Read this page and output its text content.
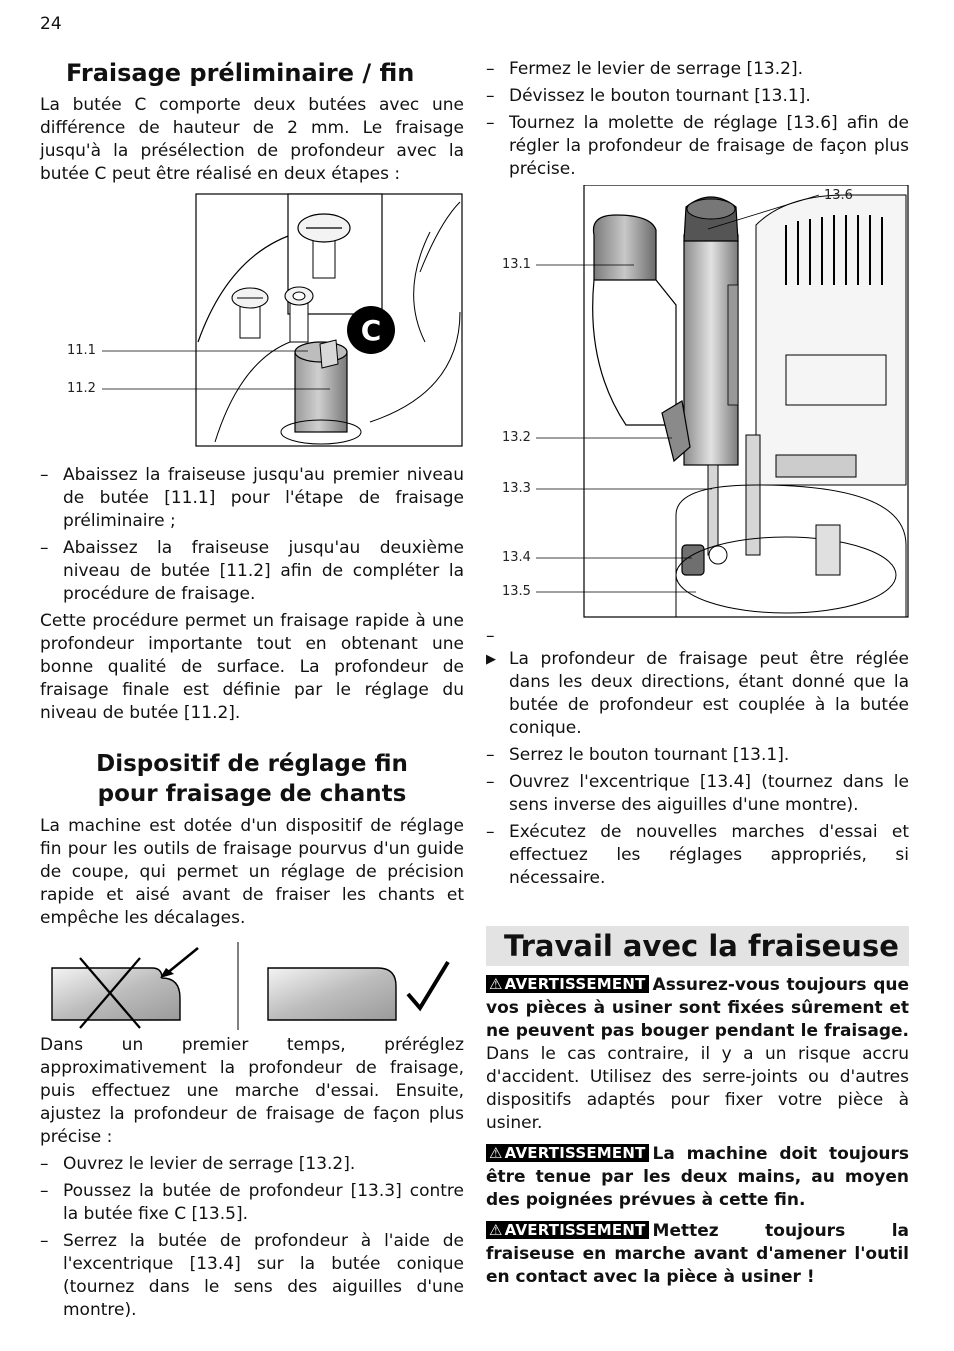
24
Fraisage préliminaire / fin

La butée C comporte deux butées avec une différence de hauteur de 2 mm. Le fraisage jusqu'à la présélection de profondeur avec la butée C peut être réalisé en deux étapes :

C
11.1
11.2
– Abaissez la fraiseuse jusqu'au premier niveau de butée [11.1] pour l'étape de fraisage préliminaire ;
– Abaissez la fraiseuse jusqu'au deuxième niveau de butée [11.2] afin de compléter la procédure de fraisage.

Cette procédure permet un fraisage rapide à une profondeur importante tout en obtenant une bonne qualité de surface. La profondeur de fraisage finale est définie par le réglage du niveau de butée [11.2].

Dispositif de réglage fin
pour fraisage de chants

La machine est dotée d'un dispositif de réglage fin pour les outils de fraisage pourvus d'un guide de coupe, qui permet un réglage de précision rapide et aisé avant de fraiser les chants et empêche les décalages.

Dans un premier temps, préréglez approximativement la profondeur de fraisage, puis effectuez une marche d'essai. Ensuite, ajustez la profondeur de fraisage de façon plus précise :

– Ouvrez le levier de serrage [13.2].
– Poussez la butée de profondeur [13.3] contre la butée fixe C [13.5].
– Serrez la butée de profondeur à l'aide de l'excentrique [13.4] sur la butée conique (tournez dans le sens des aiguilles d'une montre).
– Fermez le levier de serrage [13.2].
– Dévissez le bouton tournant [13.1].
– Tournez la molette de réglage [13.6] afin de régler la profondeur de fraisage de façon plus précise.
13.1
13.2
13.3
13.4
13.5
13.6
–
▶ La profondeur de fraisage peut être réglée dans les deux directions, étant donné que la butée de profondeur est couplée à la butée conique.
– Serrez le bouton tournant [13.1].
– Ouvrez l'excentrique [13.4] (tournez dans le sens inverse des aiguilles d'une montre).
– Exécutez de nouvelles marches d'essai et effectuez les réglages appropriés, si nécessaire.
Travail avec la fraiseuse
⚠ AVERTISSEMENT Assurez-vous toujours que vos pièces à usiner sont fixées sûrement et ne peuvent pas bouger pendant le fraisage. Dans le cas contraire, il y a un risque accru d'accident. Utilisez des serre-joints ou d'autres dispositifs adaptés pour fixer votre pièce à usiner.
⚠ AVERTISSEMENT La machine doit toujours être tenue par les deux mains, au moyen des poignées prévues à cette fin.
⚠ AVERTISSEMENT Mettez toujours la fraiseuse en marche avant d'amener l'outil en contact avec la pièce à usiner !
